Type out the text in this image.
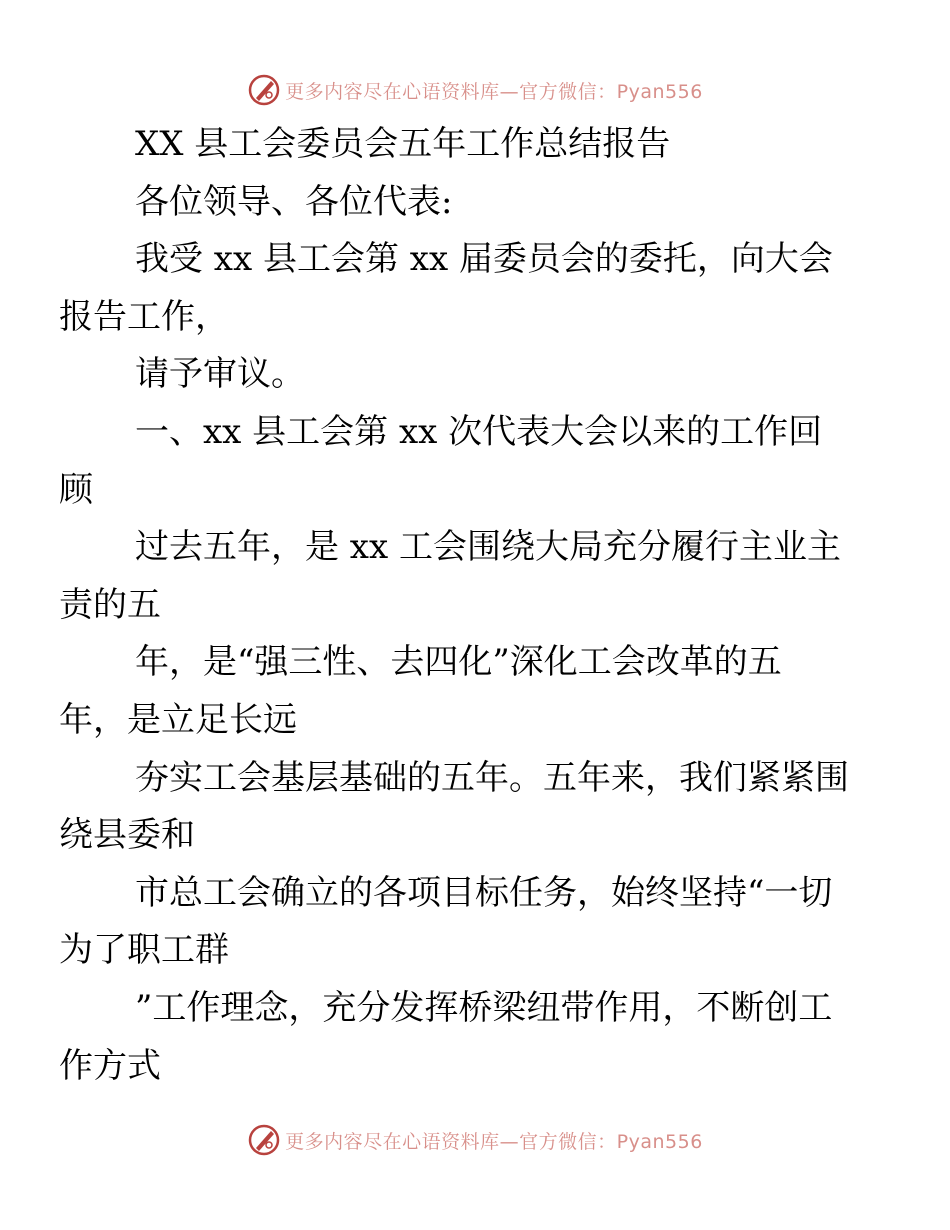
更多内容尽在心语资料库—官方微信：Pyan556
XX 县工会委员会五年工作总结报告
各位领导、各位代表:
我受 xx 县工会第 xx 届委员会的委托，向大会
报告工作，
请予审议。
一、xx 县工会第 xx 次代表大会以来的工作回
顾
过去五年，是 xx 工会围绕大局充分履行主业主
责的五
年，是“强三性、去四化”深化工会改革的五
年，是立足长远
夯实工会基层基础的五年。五年来，我们紧紧围
绕县委和
市总工会确立的各项目标任务，始终坚持“一切
为了职工群
”工作理念，充分发挥桥梁纽带作用，不断创工
作方式
更多内容尽在心语资料库—官方微信：Pyan556
